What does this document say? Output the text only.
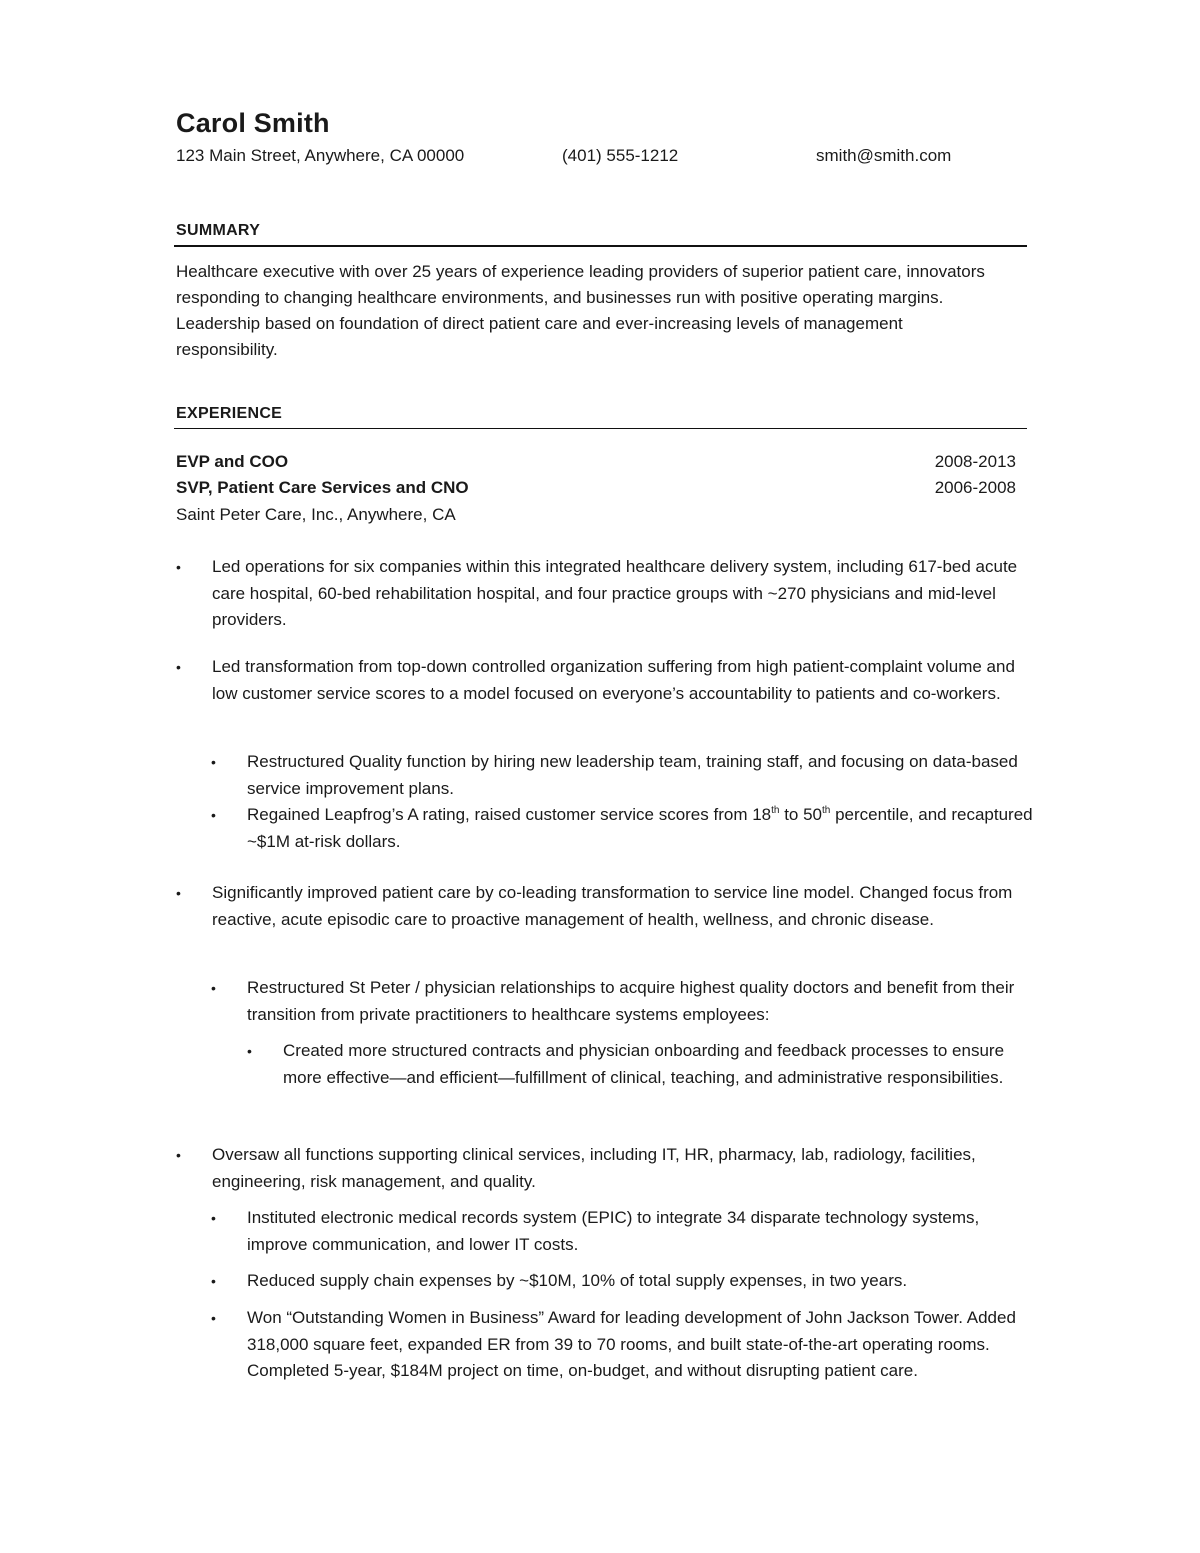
Carol Smith
123 Main Street, Anywhere, CA 00000	(401) 555-1212	smith@smith.com
SUMMARY
Healthcare executive with over 25 years of experience leading providers of superior patient care, innovators responding to changing healthcare environments, and businesses run with positive operating margins. Leadership based on foundation of direct patient care and ever-increasing levels of management responsibility.
EXPERIENCE
EVP and COO	2008-2013
SVP, Patient Care Services and CNO	2006-2008
Saint Peter Care, Inc., Anywhere, CA
• Led operations for six companies within this integrated healthcare delivery system, including 617-bed acute care hospital, 60-bed rehabilitation hospital, and four practice groups with ~270 physicians and mid-level providers.
• Led transformation from top-down controlled organization suffering from high patient-complaint volume and low customer service scores to a model focused on everyone’s accountability to patients and co-workers.
• Restructured Quality function by hiring new leadership team, training staff, and focusing on data-based service improvement plans.
• Regained Leapfrog’s A rating, raised customer service scores from 18th to 50th percentile, and recaptured ~$1M at-risk dollars.
• Significantly improved patient care by co-leading transformation to service line model. Changed focus from reactive, acute episodic care to proactive management of health, wellness, and chronic disease.
• Restructured St Peter / physician relationships to acquire highest quality doctors and benefit from their transition from private practitioners to healthcare systems employees:
• Created more structured contracts and physician onboarding and feedback processes to ensure more effective—and efficient—fulfillment of clinical, teaching, and administrative responsibilities.
• Oversaw all functions supporting clinical services, including IT, HR, pharmacy, lab, radiology, facilities, engineering, risk management, and quality.
• Instituted electronic medical records system (EPIC) to integrate 34 disparate technology systems, improve communication, and lower IT costs.
• Reduced supply chain expenses by ~$10M, 10% of total supply expenses, in two years.
• Won “Outstanding Women in Business” Award for leading development of John Jackson Tower. Added 318,000 square feet, expanded ER from 39 to 70 rooms, and built state-of-the-art operating rooms. Completed 5-year, $184M project on time, on-budget, and without disrupting patient care.
